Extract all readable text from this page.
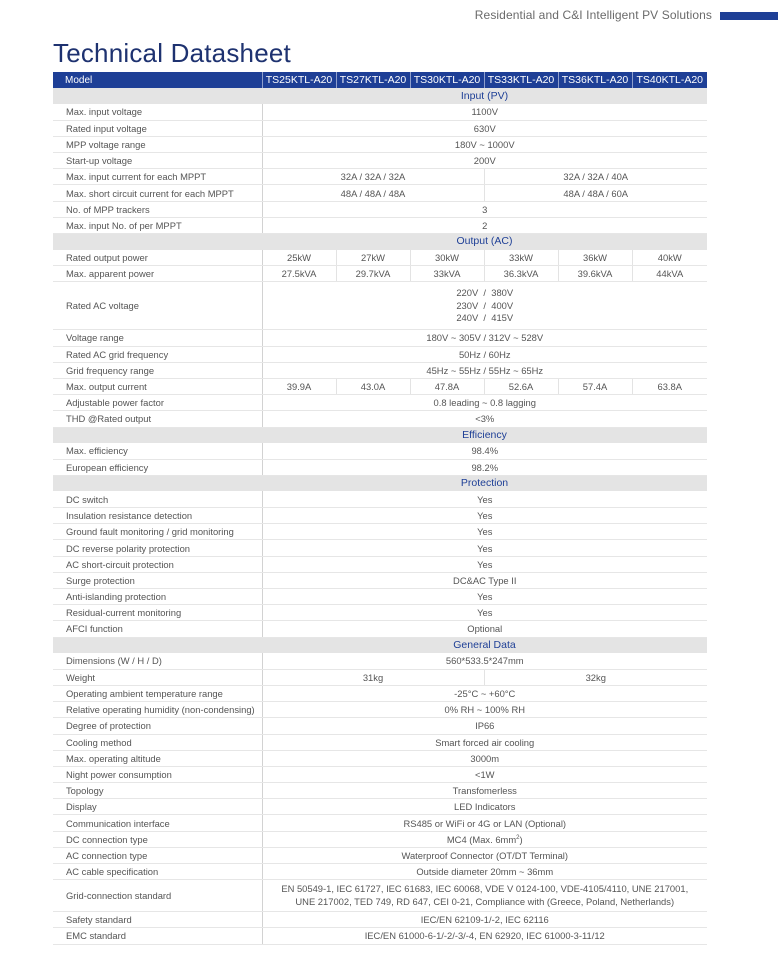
Residential and C&I Intelligent PV Solutions
Technical Datasheet
Model	TS25KTL-A20	TS27KTL-A20	TS30KTL-A20	TS33KTL-A20	TS36KTL-A20	TS40KTL-A20
	Input (PV)					
Max. input voltage	1100V					
Rated input voltage	630V					
MPP voltage range	180V ~ 1000V					
Start-up voltage	200V					
Max. input current for each MPPT	32A / 32A / 32A			32A / 32A / 40A		
Max. short circuit current for each MPPT	48A / 48A / 48A			48A / 48A / 60A		
No. of MPP trackers	3					
Max. input No. of per MPPT	2					
	Output (AC)					
Rated output power	25kW	27kW	30kW	33kW	36kW	40kW
Max. apparent power	27.5kVA	29.7kVA	33kVA	36.3kVA	39.6kVA	44kVA
Rated AC voltage	220V  /  380V
230V  /  400V
240V  /  415V					

Voltage range	180V ~ 305V / 312V ~ 528V					
Rated AC grid frequency	50Hz / 60Hz					
Grid frequency range	45Hz ~ 55Hz / 55Hz ~ 65Hz					
Max. output current	39.9A	43.0A	47.8A	52.6A	57.4A	63.8A
Adjustable power factor	0.8 leading ~ 0.8 lagging					
THD @Rated output	<3%					
	Efficiency					
Max. efficiency	98.4%					
European efficiency	98.2%					
	Protection					
DC switch	Yes					
Insulation resistance detection	Yes					
Ground fault monitoring / grid monitoring	Yes					
DC reverse polarity protection	Yes					
AC short-circuit protection	Yes					
Surge protection	DC&AC Type II					
Anti-islanding protection	Yes					
Residual-current monitoring	Yes					
AFCI function	Optional					
	General Data					
Dimensions (W / H / D)	560*533.5*247mm					
Weight	31kg			32kg		
Operating ambient temperature range	-25°C ~ +60°C					
Relative operating humidity (non-condensing)	0% RH ~ 100% RH					
Degree of protection	IP66					
Cooling method	Smart forced air cooling					
Max. operating altitude	3000m					
Night power consumption	<1W					
Topology	Transfomerless					
Display	LED Indicators					
Communication interface	RS485 or WiFi or 4G or LAN (Optional)					
DC connection type	MC4 (Max. $6mm^2$)					
AC connection type	Waterproof Connector (OT/DT Terminal)					
AC cable specification	Outside diameter 20mm ~ 36mm					
Grid-connection standard	EN 50549-1, IEC 61727, IEC 61683, IEC 60068, VDE V 0124-100, VDE-4105/4110, UNE 217001,
UNE 217002, TED 749, RD 647, CEI 0-21, Compliance with (Greece, Poland, Netherlands)					

Safety standard	IEC/EN 62109-1/-2, IEC 62116					
EMC standard	IEC/EN 61000-6-1/-2/-3/-4, EN 62920, IEC 61000-3-11/12					
